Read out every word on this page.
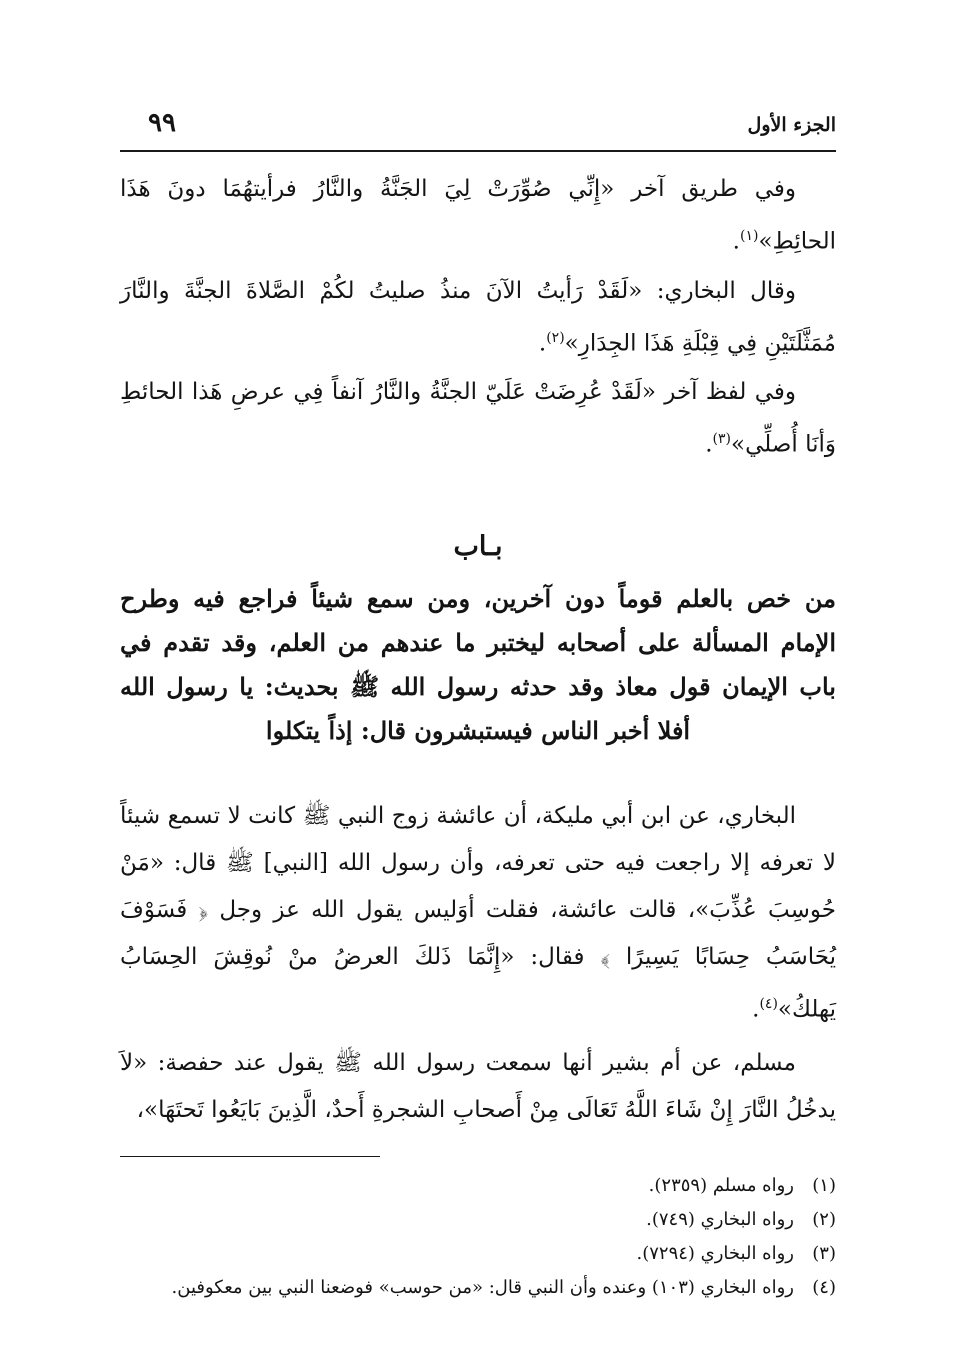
الجزء الأول
٩٩

وفي طريق آخر «إِنِّي صُوِّرَتْ لِيَ الجَنَّةُ والنَّارُ فرأيتهُمَا دونَ هَذَا الحائِطِ»$^{(١)}$.

وقال البخاري: «لَقَدْ رَأيتُ الآنَ منذُ صليتُ لكُمْ الصَّلاةَ الجنَّةَ والنَّارَ مُمَثَّلَتَيْنِ فِي قِبْلَةِ هَذَا الجِدَارِ»$^{(٢)}$.

وفي لفظ آخر «لَقَدْ عُرِضَتْ عَلَيّ الجنَّةُ والنَّارُ آنفاً فِي عرضِ هَذا الحائطِ وَأنَا أُصلِّي»$^{(٣)}$.

بـاب

من خص بالعلم قوماً دون آخرين، ومن سمع شيئاً فراجع فيه وطرح الإمام المسألة على أصحابه ليختبر ما عندهم من العلم، وقد تقدم في باب الإيمان قول معاذ وقد حدثه رسول الله ﷺ بحديث: يا رسول الله أفلا أخبر الناس فيستبشرون قال: إذاً يتكلوا

البخاري، عن ابن أبي مليكة، أن عائشة زوج النبي ﷺ كانت لا تسمع شيئاً لا تعرفه إلا راجعت فيه حتى تعرفه، وأن رسول الله [النبي] ﷺ قال: «مَنْ حُوسِبَ عُذِّبَ»، قالت عائشة، فقلت أوَليس يقول الله عز وجل ﴿ فَسَوْفَ يُحَاسَبُ حِسَابًا يَسِيرًا ﴾ فقال: «إِنَّمَا ذَلكَ العرضُ منْ نُوقِشَ الحِسَابُ يَهلكُ»$^{(٤)}$.

مسلم، عن أم بشير أنها سمعت رسول الله ﷺ يقول عند حفصة: «لاَ يدخُلُ النَّارَ إِنْ شَاءَ اللَّهُ تَعَالَى مِنْ أَصحابِ الشجرةِ أَحدٌ، الَّذِينَ بَايَعُوا تَحتَهَا»،

(١)
رواه مسلم (٢٣٥٩).
(٢)
رواه البخاري (٧٤٩).
(٣)
رواه البخاري (٧٢٩٤).
(٤)
رواه البخاري (١٠٣) وعنده وأن النبي قال: «من حوسب» فوضعنا النبي بين معكوفين.
